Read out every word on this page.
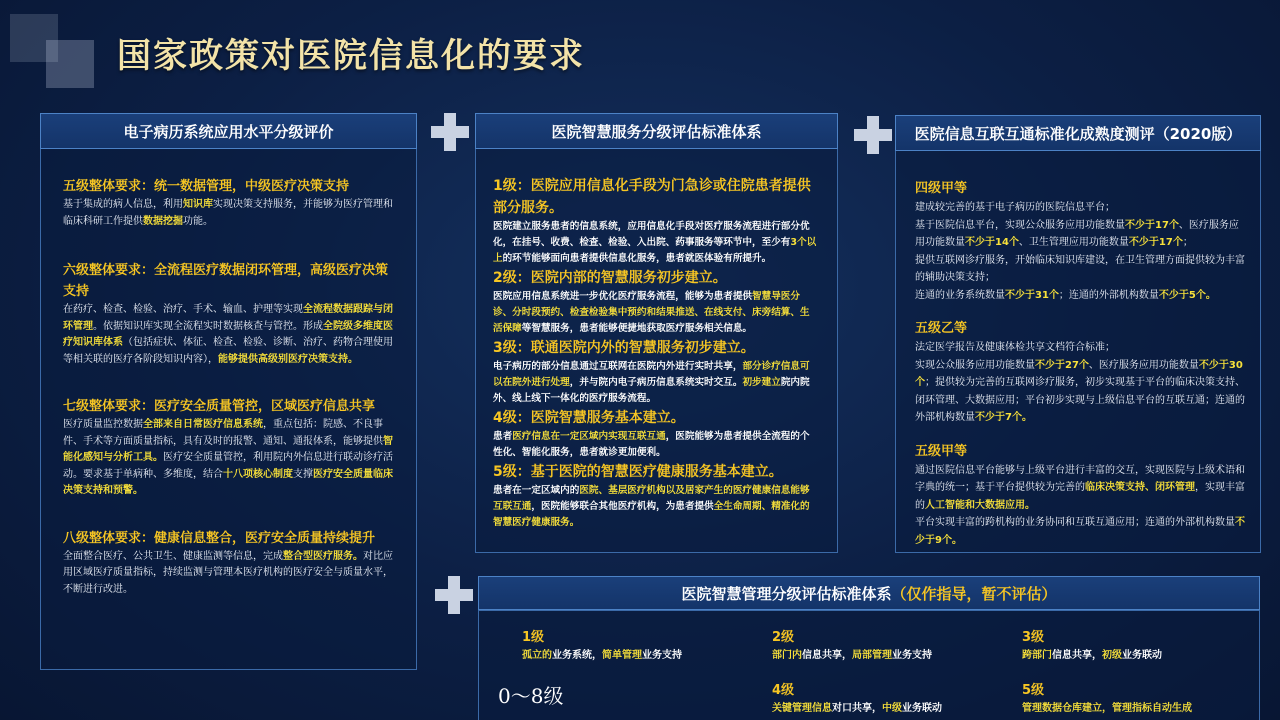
国家政策对医院信息化的要求
五级整体要求：统一数据管理，中级医疗决策支持
基于集成的病人信息，利用知识库实现决策支持服务，并能够为医疗管理和临床科研工作提供数据挖掘功能。
六级整体要求：全流程医疗数据闭环管理，高级医疗决策支持
在药疗、检查、检验、治疗、手术、输血、护理等实现全流程数据跟踪与闭环管理。依据知识库实现全流程实时数据核查与管控。形成全院级多维度医疗知识库体系（包括症状、体征、检查、检验、诊断、治疗、药物合理使用等相关联的医疗各阶段知识内容），能够提供高级别医疗决策支持。
七级整体要求：医疗安全质量管控，区域医疗信息共享
医疗质量监控数据全部来自日常医疗信息系统，重点包括：院感、不良事件、手术等方面质量指标，具有及时的报警、通知、通报体系，能够提供智能化感知与分析工具。医疗安全质量管控，利用院内外信息进行联动诊疗活动。要求基于单病种、多维度，结合十八项核心制度支撑医疗安全质量临床决策支持和预警。
八级整体要求：健康信息整合，医疗安全质量持续提升
全面整合医疗、公共卫生、健康监测等信息，完成整合型医疗服务。对比应用区域医疗质量指标，持续监测与管理本医疗机构的医疗安全与质量水平，不断进行改进。
电子病历系统应用水平分级评价
1级：医院应用信息化手段为门急诊或住院患者提供部分服务。
医院建立服务患者的信息系统，应用信息化手段对医疗服务流程进行部分优化，在挂号、收费、检查、检验、入出院、药事服务等环节中，至少有3个以上的环节能够面向患者提供信息化服务，患者就医体验有所提升。
2级：医院内部的智慧服务初步建立。
医院应用信息系统进一步优化医疗服务流程，能够为患者提供智慧导医分诊、分时段预约、检查检验集中预约和结果推送、在线支付、床旁结算、生活保障等智慧服务，患者能够便捷地获取医疗服务相关信息。
3级：联通医院内外的智慧服务初步建立。
电子病历的部分信息通过互联网在医院内外进行实时共享，部分诊疗信息可以在院外进行处理，并与院内电子病历信息系统实时交互。初步建立院内院外、线上线下一体化的医疗服务流程。
4级：医院智慧服务基本建立。
患者医疗信息在一定区域内实现互联互通，医院能够为患者提供全流程的个性化、智能化服务，患者就诊更加便利。
5级：基于医院的智慧医疗健康服务基本建立。
患者在一定区域内的医院、基层医疗机构以及居家产生的医疗健康信息能够互联互通，医院能够联合其他医疗机构，为患者提供全生命周期、精准化的智慧医疗健康服务。
医院智慧服务分级评估标准体系
四级甲等
建成较完善的基于电子病历的医院信息平台；
基于医院信息平台，实现公众服务应用功能数量不少于17个、医疗服务应用功能数量不少于14个、卫生管理应用功能数量不少于17个；
提供互联网诊疗服务，开始临床知识库建设，在卫生管理方面提供较为丰富的辅助决策支持；
连通的业务系统数量不少于31个；连通的外部机构数量不少于5个。
五级乙等
法定医学报告及健康体检共享文档符合标准；
实现公众服务应用功能数量不少于27个、医疗服务应用功能数量不少于30个；提供较为完善的互联网诊疗服务，初步实现基于平台的临床决策支持、闭环管理、大数据应用；平台初步实现与上级信息平台的互联互通；连通的外部机构数量不少于7个。
五级甲等
通过医院信息平台能够与上级平台进行丰富的交互，实现医院与上级术语和字典的统一；基于平台提供较为完善的临床决策支持、闭环管理，实现丰富的人工智能和大数据应用。
平台实现丰富的跨机构的业务协同和互联互通应用；连通的外部机构数量不少于9个。
医院信息互联互通标准化成熟度测评（2020版）
医院智慧管理分级评估标准体系 （仅作指导，暂不评估）
1级
孤立的业务系统，简单管理业务支持
2级
部门内信息共享，局部管理业务支持
3级
跨部门信息共享，初级业务联动
4级
关键管理信息对口共享，中级业务联动
5级
管理数据仓库建立，管理指标自动生成
0～8级
